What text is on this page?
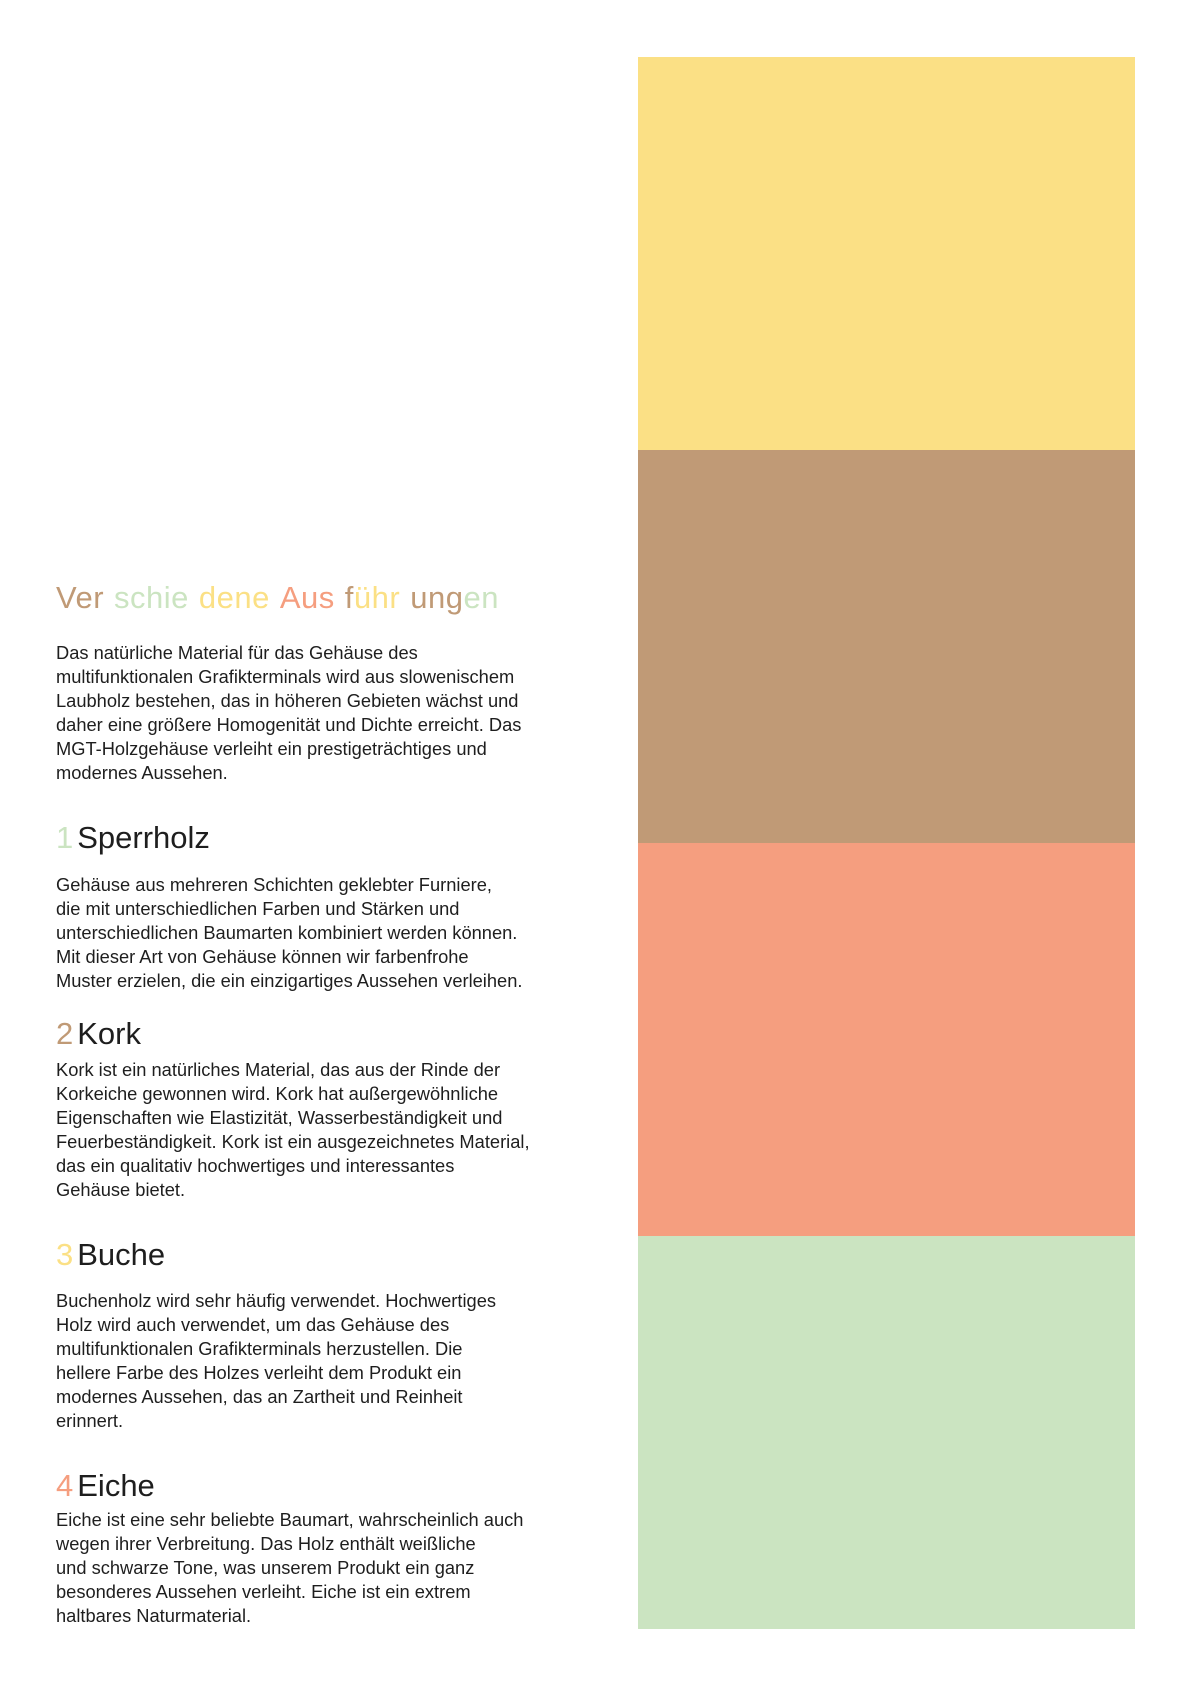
Ver schie dene Aus führ ungen

Das natürliche Material für das Gehäuse des
multifunktionalen Grafikterminals wird aus slowenischem
Laubholz bestehen, das in höheren Gebieten wächst und
daher eine größere Homogenität und Dichte erreicht. Das
MGT-Holzgehäuse verleiht ein prestigeträchtiges und
modernes Aussehen.

1 Sperrholz

Gehäuse aus mehreren Schichten geklebter Furniere,
die mit unterschiedlichen Farben und Stärken und
unterschiedlichen Baumarten kombiniert werden können.
Mit dieser Art von Gehäuse können wir farbenfrohe
Muster erzielen, die ein einzigartiges Aussehen verleihen.

2 Kork

Kork ist ein natürliches Material, das aus der Rinde der
Korkeiche gewonnen wird. Kork hat außergewöhnliche
Eigenschaften wie Elastizität, Wasserbeständigkeit und
Feuerbeständigkeit. Kork ist ein ausgezeichnetes Material,
das ein qualitativ hochwertiges und interessantes
Gehäuse bietet.

3 Buche

Buchenholz wird sehr häufig verwendet. Hochwertiges
Holz wird auch verwendet, um das Gehäuse des
multifunktionalen Grafikterminals herzustellen. Die
hellere Farbe des Holzes verleiht dem Produkt ein
modernes Aussehen, das an Zartheit und Reinheit
erinnert.

4 Eiche

Eiche ist eine sehr beliebte Baumart, wahrscheinlich auch
wegen ihrer Verbreitung. Das Holz enthält weißliche
und schwarze Tone, was unserem Produkt ein ganz
besonderes Aussehen verleiht. Eiche ist ein extrem
haltbares Naturmaterial.
